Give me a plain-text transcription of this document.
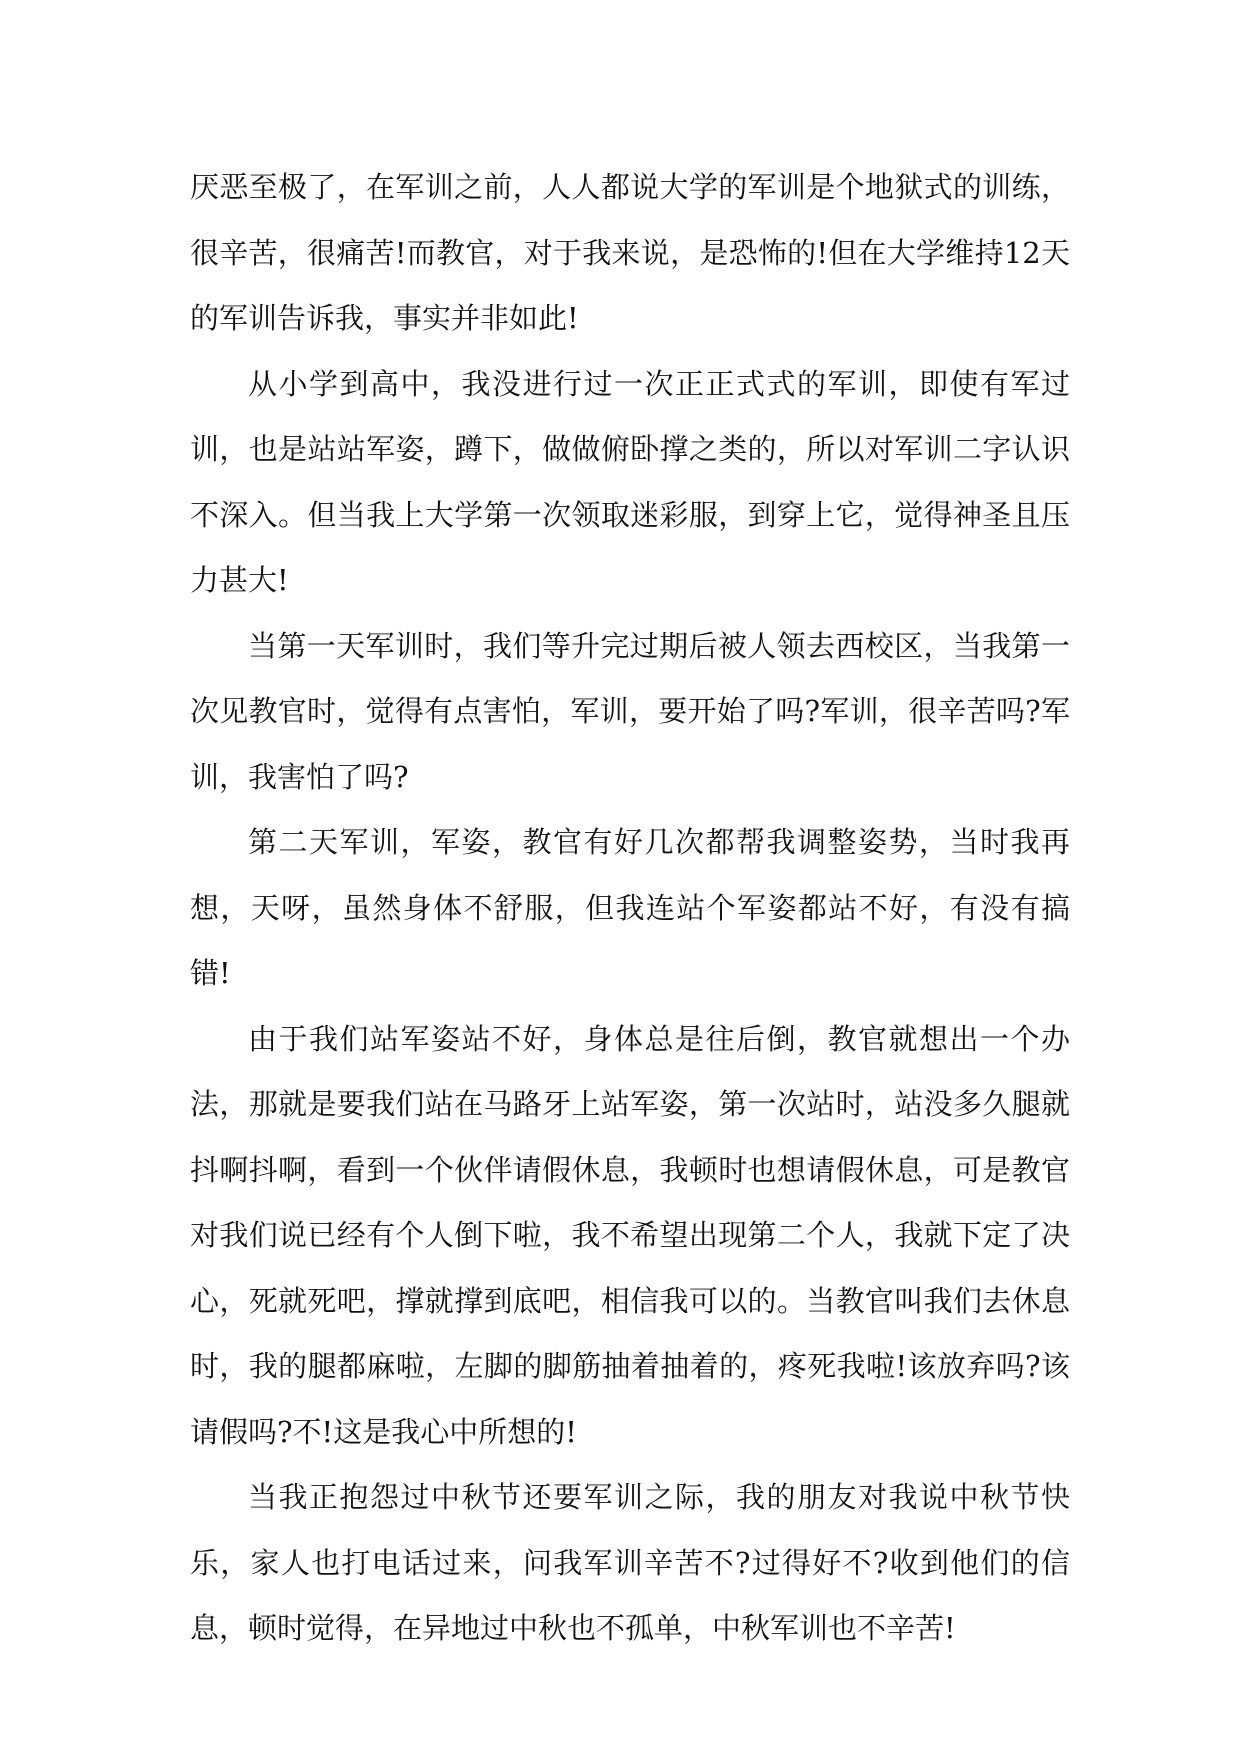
厌恶至极了，在军训之前，人人都说大学的军训是个地狱式的训练，很辛苦，很痛苦!而教官，对于我来说，是恐怖的!但在大学维持12天的军训告诉我，事实并非如此!

从小学到高中，我没进行过一次正正式式的军训，即使有军过训，也是站站军姿，蹲下，做做俯卧撑之类的，所以对军训二字认识不深入。但当我上大学第一次领取迷彩服，到穿上它，觉得神圣且压力甚大!

当第一天军训时，我们等升完过期后被人领去西校区，当我第一次见教官时，觉得有点害怕，军训，要开始了吗?军训，很辛苦吗?军训，我害怕了吗?

第二天军训，军姿，教官有好几次都帮我调整姿势，当时我再想，天呀，虽然身体不舒服，但我连站个军姿都站不好，有没有搞错!

由于我们站军姿站不好，身体总是往后倒，教官就想出一个办法，那就是要我们站在马路牙上站军姿，第一次站时，站没多久腿就抖啊抖啊，看到一个伙伴请假休息，我顿时也想请假休息，可是教官对我们说已经有个人倒下啦，我不希望出现第二个人，我就下定了决心，死就死吧，撑就撑到底吧，相信我可以的。当教官叫我们去休息时，我的腿都麻啦，左脚的脚筋抽着抽着的，疼死我啦!该放弃吗?该请假吗?不!这是我心中所想的!

当我正抱怨过中秋节还要军训之际，我的朋友对我说中秋节快乐，家人也打电话过来，问我军训辛苦不?过得好不?收到他们的信息，顿时觉得，在异地过中秋也不孤单，中秋军训也不辛苦!
